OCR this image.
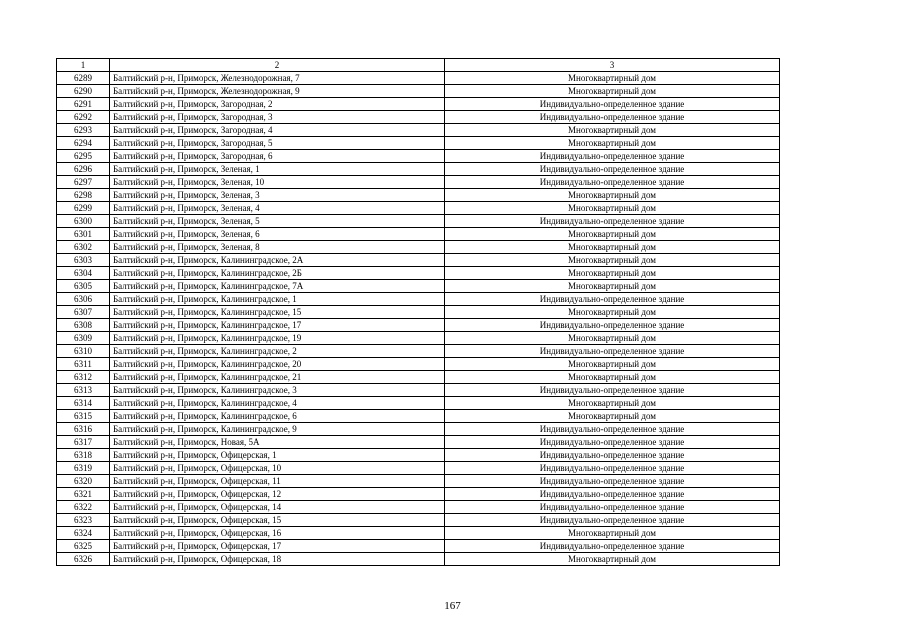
1	2	3
6289	Балтийский р-н, Приморск, Железнодорожная, 7	Многоквартирный дом
6290	Балтийский р-н, Приморск, Железнодорожная, 9	Многоквартирный дом
6291	Балтийский р-н, Приморск, Загородная, 2	Индивидуально-определенное здание
6292	Балтийский р-н, Приморск, Загородная, 3	Индивидуально-определенное здание
6293	Балтийский р-н, Приморск, Загородная, 4	Многоквартирный дом
6294	Балтийский р-н, Приморск, Загородная, 5	Многоквартирный дом
6295	Балтийский р-н, Приморск, Загородная, 6	Индивидуально-определенное здание
6296	Балтийский р-н, Приморск, Зеленая, 1	Индивидуально-определенное здание
6297	Балтийский р-н, Приморск, Зеленая, 10	Индивидуально-определенное здание
6298	Балтийский р-н, Приморск, Зеленая, 3	Многоквартирный дом
6299	Балтийский р-н, Приморск, Зеленая, 4	Многоквартирный дом
6300	Балтийский р-н, Приморск, Зеленая, 5	Индивидуально-определенное здание
6301	Балтийский р-н, Приморск, Зеленая, 6	Многоквартирный дом
6302	Балтийский р-н, Приморск, Зеленая, 8	Многоквартирный дом
6303	Балтийский р-н, Приморск, Калининградское, 2А	Многоквартирный дом
6304	Балтийский р-н, Приморск, Калининградское, 2Б	Многоквартирный дом
6305	Балтийский р-н, Приморск, Калининградское, 7А	Многоквартирный дом
6306	Балтийский р-н, Приморск, Калининградское, 1	Индивидуально-определенное здание
6307	Балтийский р-н, Приморск, Калининградское, 15	Многоквартирный дом
6308	Балтийский р-н, Приморск, Калининградское, 17	Индивидуально-определенное здание
6309	Балтийский р-н, Приморск, Калининградское, 19	Многоквартирный дом
6310	Балтийский р-н, Приморск, Калининградское, 2	Индивидуально-определенное здание
6311	Балтийский р-н, Приморск, Калининградское, 20	Многоквартирный дом
6312	Балтийский р-н, Приморск, Калининградское, 21	Многоквартирный дом
6313	Балтийский р-н, Приморск, Калининградское, 3	Индивидуально-определенное здание
6314	Балтийский р-н, Приморск, Калининградское, 4	Многоквартирный дом
6315	Балтийский р-н, Приморск, Калининградское, 6	Многоквартирный дом
6316	Балтийский р-н, Приморск, Калининградское, 9	Индивидуально-определенное здание
6317	Балтийский р-н, Приморск, Новая, 5А	Индивидуально-определенное здание
6318	Балтийский р-н, Приморск, Офицерская, 1	Индивидуально-определенное здание
6319	Балтийский р-н, Приморск, Офицерская, 10	Индивидуально-определенное здание
6320	Балтийский р-н, Приморск, Офицерская, 11	Индивидуально-определенное здание
6321	Балтийский р-н, Приморск, Офицерская, 12	Индивидуально-определенное здание
6322	Балтийский р-н, Приморск, Офицерская, 14	Индивидуально-определенное здание
6323	Балтийский р-н, Приморск, Офицерская, 15	Индивидуально-определенное здание
6324	Балтийский р-н, Приморск, Офицерская, 16	Многоквартирный дом
6325	Балтийский р-н, Приморск, Офицерская, 17	Индивидуально-определенное здание
6326	Балтийский р-н, Приморск, Офицерская, 18	Многоквартирный дом
167
